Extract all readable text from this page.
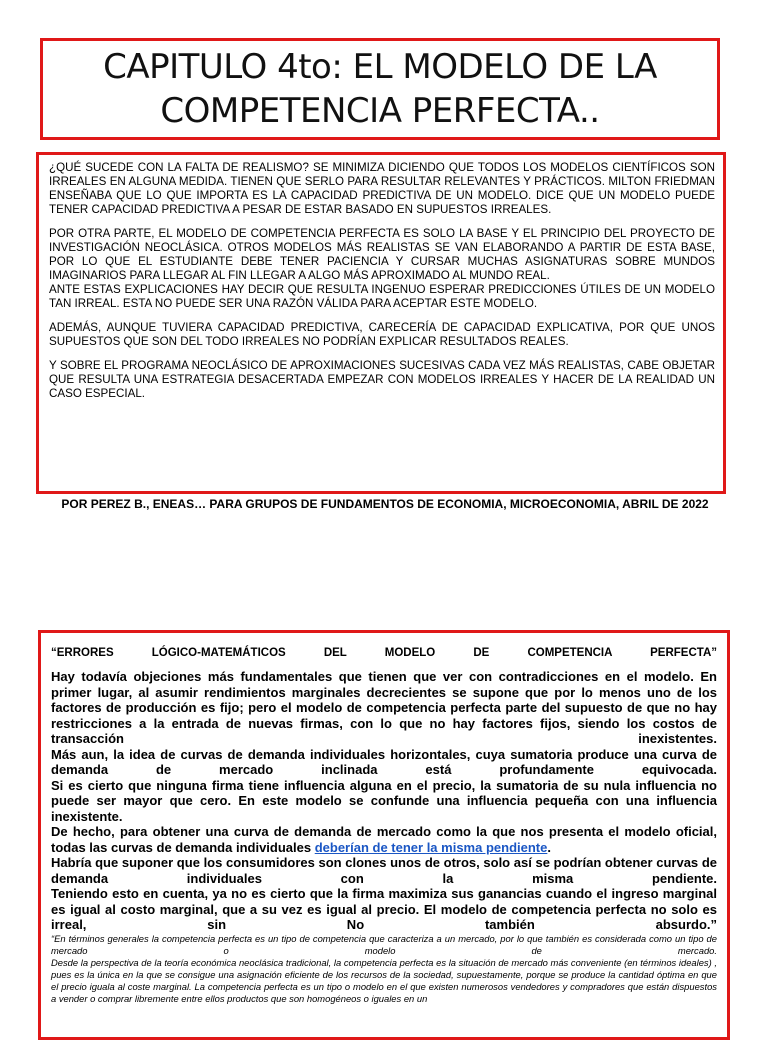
CAPITULO 4to: EL MODELO DE LA
COMPETENCIA PERFECTA..

¿QUÉ SUCEDE CON LA FALTA DE REALISMO? SE MINIMIZA DICIENDO QUE TODOS LOS MODELOS CIENTÍFICOS SON IRREALES EN ALGUNA MEDIDA. TIENEN QUE SERLO PARA RESULTAR RELEVANTES Y PRÁCTICOS. MILTON FRIEDMAN ENSEÑABA QUE LO QUE IMPORTA ES LA CAPACIDAD PREDICTIVA DE UN MODELO. DICE QUE UN MODELO PUEDE TENER CAPACIDAD PREDICTIVA A PESAR DE ESTAR BASADO EN SUPUESTOS IRREALES.

POR OTRA PARTE, EL MODELO DE COMPETENCIA PERFECTA ES SOLO LA BASE Y EL PRINCIPIO DEL PROYECTO DE INVESTIGACIÓN NEOCLÁSICA. OTROS MODELOS MÁS REALISTAS SE VAN ELABORANDO A PARTIR DE ESTA BASE, POR LO QUE EL ESTUDIANTE DEBE TENER PACIENCIA Y CURSAR MUCHAS ASIGNATURAS SOBRE MUNDOS IMAGINARIOS PARA LLEGAR AL FIN LLEGAR A ALGO MÁS APROXIMADO AL MUNDO REAL.

ANTE ESTAS EXPLICACIONES HAY DECIR QUE RESULTA INGENUO ESPERAR PREDICCIONES ÚTILES DE UN MODELO TAN IRREAL. ESTA NO PUEDE SER UNA RAZÓN VÁLIDA PARA ACEPTAR ESTE MODELO.

ADEMÁS, AUNQUE TUVIERA CAPACIDAD PREDICTIVA, CARECERÍA DE CAPACIDAD EXPLICATIVA, POR QUE UNOS SUPUESTOS QUE SON DEL TODO IRREALES NO PODRÍAN EXPLICAR RESULTADOS REALES.

Y SOBRE EL PROGRAMA NEOCLÁSICO DE APROXIMACIONES SUCESIVAS CADA VEZ MÁS REALISTAS, CABE OBJETAR QUE RESULTA UNA ESTRATEGIA DESACERTADA EMPEZAR CON MODELOS IRREALES Y HACER DE LA REALIDAD UN CASO ESPECIAL.

POR PEREZ B., ENEAS… PARA GRUPOS DE FUNDAMENTOS DE ECONOMIA, MICROECONOMIA, ABRIL DE 2022
“ERRORES LÓGICO-MATEMÁTICOS DEL MODELO DE COMPETENCIA PERFECTA”

Hay todavía objeciones más fundamentales que tienen que ver con contradicciones en el modelo. En primer lugar, al asumir rendimientos marginales decrecientes se supone que por lo menos uno de los factores de producción es fijo; pero el modelo de competencia perfecta parte del supuesto de que no hay restricciones a la entrada de nuevas firmas, con lo que no hay factores fijos, siendo los costos de transacción inexistentes.

Más aun, la idea de curvas de demanda individuales horizontales, cuya sumatoria produce una curva de demanda de mercado inclinada está profundamente equivocada.

Si es cierto que ninguna firma tiene influencia alguna en el precio, la sumatoria de su nula influencia no puede ser mayor que cero. En este modelo se confunde una influencia pequeña con una influencia inexistente.

De hecho, para obtener una curva de demanda de mercado como la que nos presenta el modelo oficial, todas las curvas de demanda individuales deberían de tener la misma pendiente.

Habría que suponer que los consumidores son clones unos de otros, solo así se podrían obtener curvas de demanda individuales con la misma pendiente.

Teniendo esto en cuenta, ya no es cierto que la firma maximiza sus ganancias cuando el ingreso marginal es igual al costo marginal, que a su vez es igual al precio. El modelo de competencia perfecta no solo es irreal, sin No también absurdo.”

“En términos generales la competencia perfecta es un tipo de competencia que caracteriza a un mercado, por lo que también es considerada como un tipo de mercado o modelo de mercado.
Desde la perspectiva de la teoría económica neoclásica tradicional, la competencia perfecta es la situación de mercado más conveniente (en términos ideales) , pues es la única en la que se consigue una asignación eficiente de los recursos de la sociedad, supuestamente, porque se produce la cantidad óptima en que el precio iguala al coste marginal. La competencia perfecta es un tipo o modelo en el que existen numerosos vendedores y compradores que están dispuestos a vender o comprar libremente entre ellos productos que son homogéneos o iguales en un
